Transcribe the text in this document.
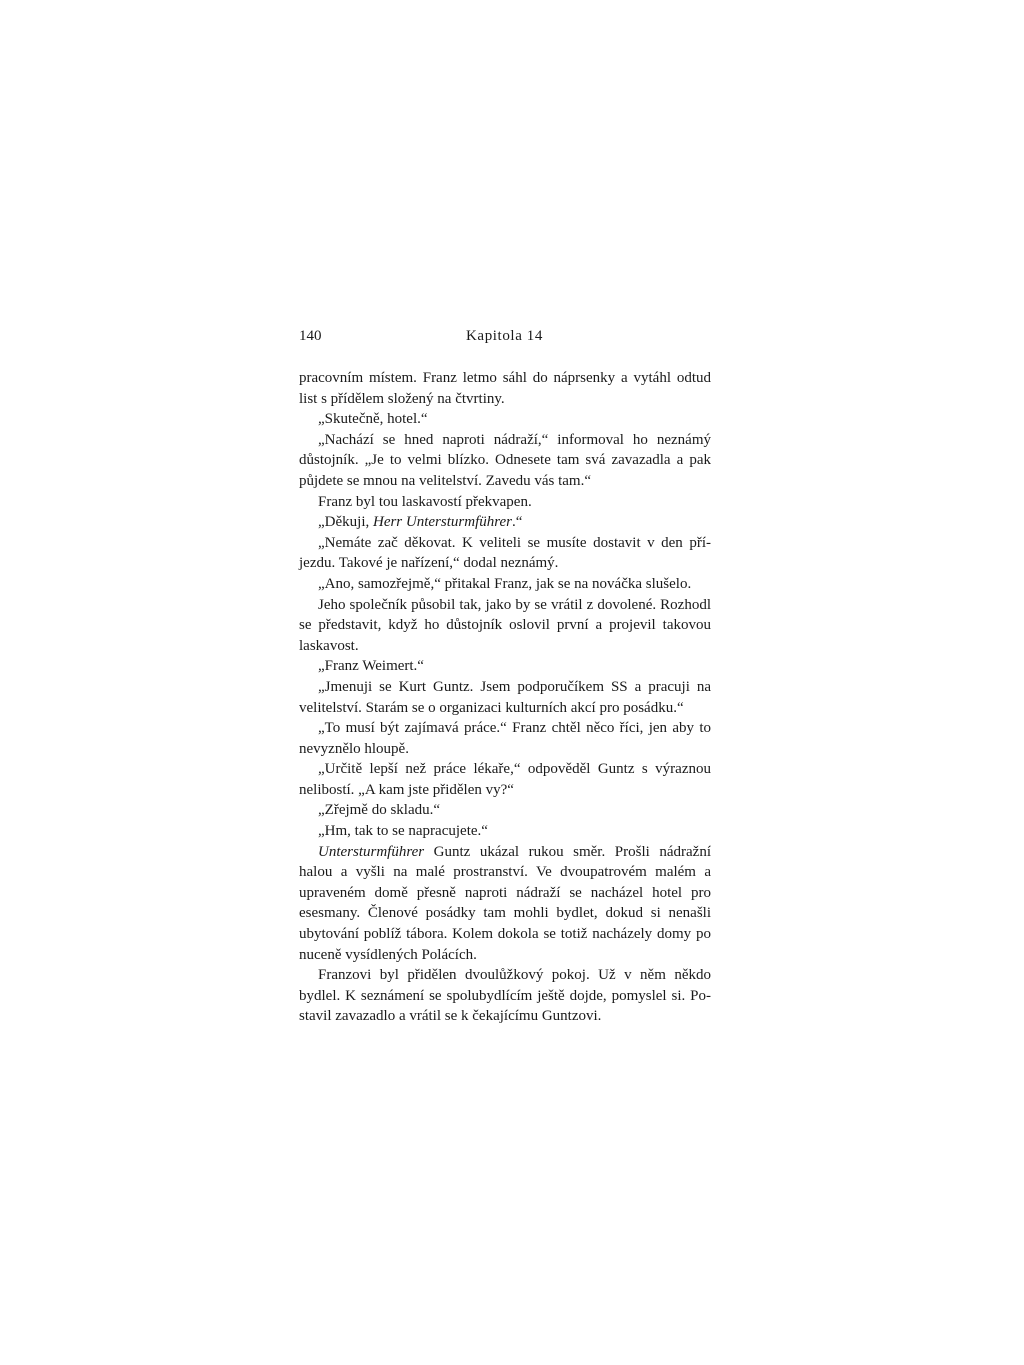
140	Kapitola 14

pracovním místem. Franz letmo sáhl do náprsenky a vytáhl odtud list s přídělem složený na čtvrtiny.

„Skutečně, hotel.“

„Nachází se hned naproti nádraží,“ informoval ho neznámý důstojník. „Je to velmi blízko. Odnesete tam svá zavazadla a pak půjdete se mnou na velitelství. Zavedu vás tam.“

Franz byl tou laskavostí překvapen.

„Děkuji, Herr Untersturmführer.“

„Nemáte zač děkovat. K veliteli se musíte dostavit v den příjezdu. Takové je nařízení,“ dodal neznámý.

„Ano, samozřejmě,“ přitakal Franz, jak se na nováčka slušelo.

Jeho společník působil tak, jako by se vrátil z dovolené. Rozhodl se představit, když ho důstojník oslovil první a projevil takovou laskavost.

„Franz Weimert.“

„Jmenuji se Kurt Guntz. Jsem podporučíkem SS a pracuji na velitelství. Starám se o organizaci kulturních akcí pro posádku.“

„To musí být zajímavá práce.“ Franz chtěl něco říci, jen aby to nevyznělo hloupě.

„Určitě lepší než práce lékaře,“ odpověděl Guntz s výraznou nelibostí. „A kam jste přidělen vy?“

„Zřejmě do skladu.“

„Hm, tak to se napracujete.“

Untersturmführer Guntz ukázal rukou směr. Prošli nádražní halou a vyšli na malé prostranství. Ve dvoupatrovém malém a upraveném domě přesně naproti nádraží se nacházel hotel pro esesmany. Členové posádky tam mohli bydlet, dokud si nenašli ubytování poblíž tábora. Kolem dokola se totiž nacházely domy po nuceně vysídlených Polácích.

Franzovi byl přidělen dvoulůžkový pokoj. Už v něm někdo bydlel. K seznámení se spolubydlícím ještě dojde, pomyslel si. Postavil zavazadlo a vrátil se k čekajícímu Guntzovi.
